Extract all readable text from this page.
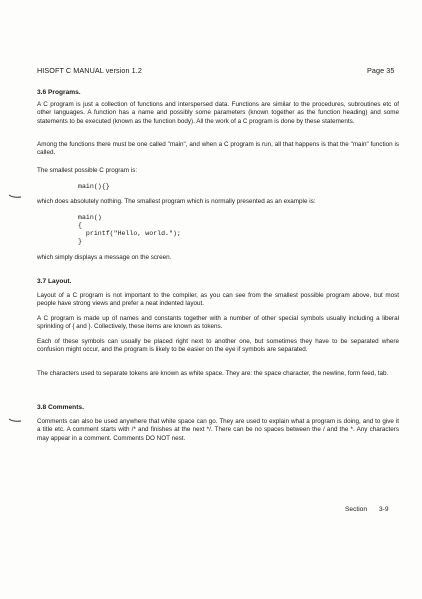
HISOFT C MANUAL version 1.2	Page 35
3.6 Programs.
A C program is just a collection of functions and interspersed data. Functions are similar to the procedures, subroutines etc of other languages. A function has a name and possibly some parameters (known together as the function heading) and some statements to be executed (known as the function body). All the work of a C program is done by these statements.
Among the functions there must be one called "main", and when a C program is run, all that happens is that the "main" function is called.
The smallest possible C program is:
main(){}
which does absolutely nothing. The smallest program which is normally presented as an example is:
main()
{
printf("Hello, world.");
}
which simply displays a message on the screen.
3.7 Layout.
Layout of a C program is not important to the compiler, as you can see from the smallest possible program above, but most people have strong views and prefer a neat indented layout.
A C program is made up of names and constants together with a number of other special symbols usually including a liberal sprinkling of { and }. Collectively, these items are known as tokens.
Each of these symbols can usually be placed right next to another one, but sometimes they have to be separated where confusion might occur, and the program is likely to be easier on the eye if symbols are separated.
The characters used to separate tokens are known as white space. They are: the space character, the newline, form feed, tab.
3.8 Comments.
Comments can also be used anywhere that white space can go. They are used to explain what a program is doing, and to give it a title etc. A comment starts with /* and finishes at the next */. There can be no spaces between the / and the *. Any characters may appear in a comment. Comments DO NOT nest.
Section 3-9
